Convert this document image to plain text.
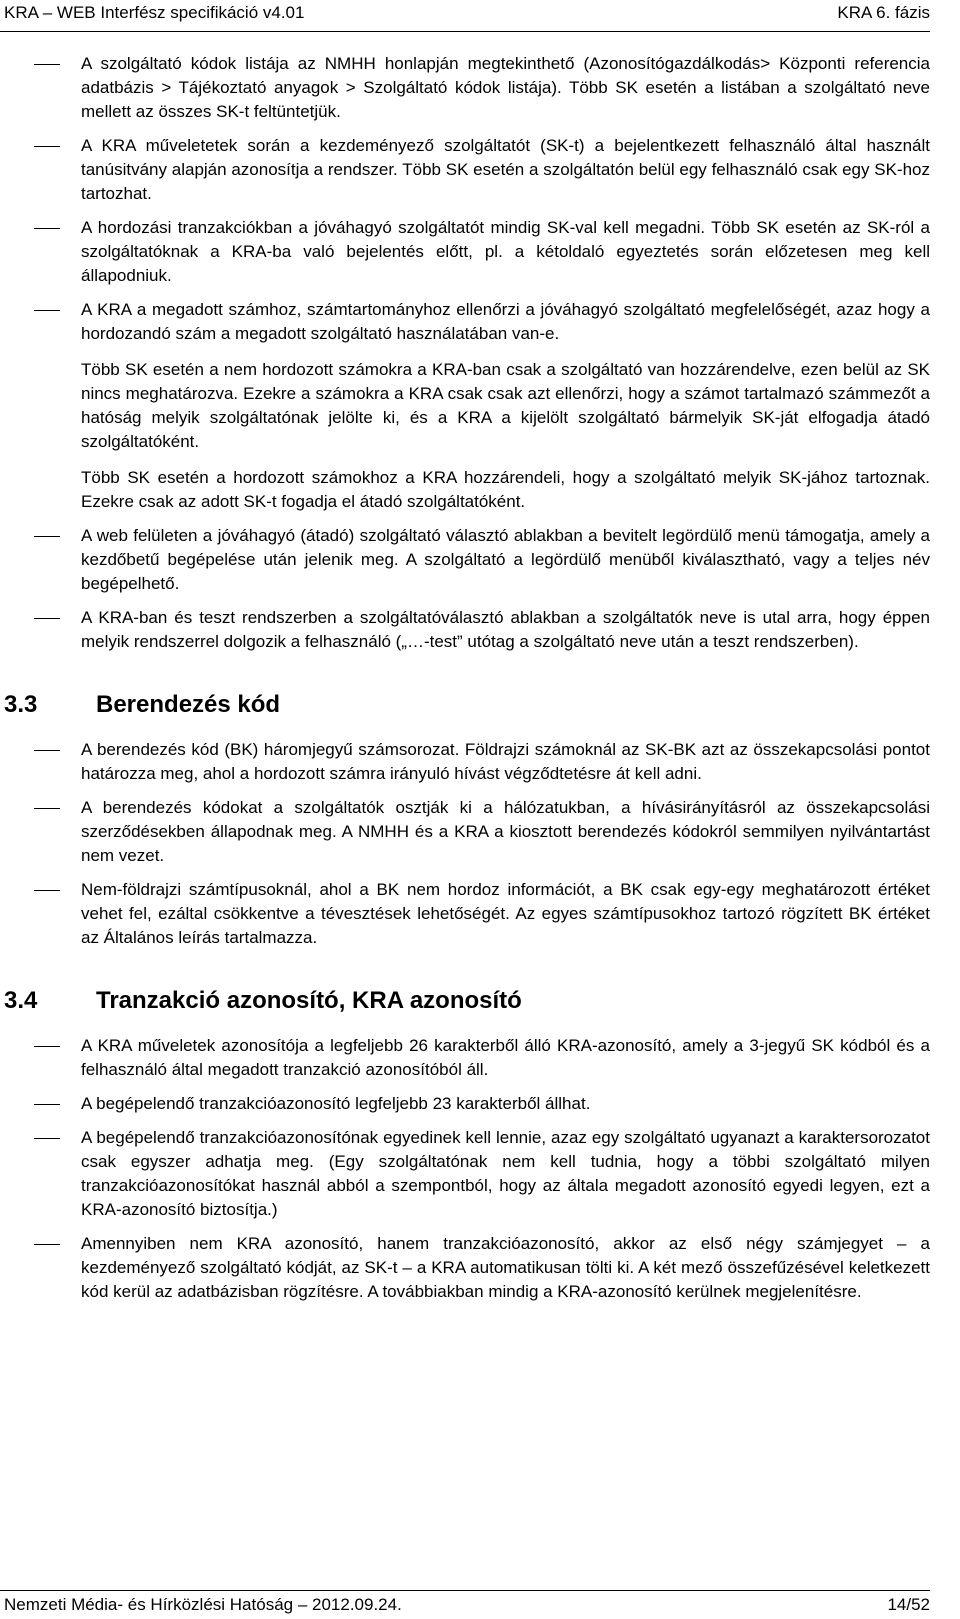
KRA – WEB Interfész specifikáció v4.01	KRA 6. fázis

A szolgáltató kódok listája az NMHH honlapján megtekinthető (Azonosítógazdálkodás> Központi referencia adatbázis > Tájékoztató anyagok > Szolgáltató kódok listája). Több SK esetén a listában a szolgáltató neve mellett az összes SK-t feltüntetjük.

A KRA műveletetek során a kezdeményező szolgáltatót (SK-t) a bejelentkezett felhasználó által használt tanúsitvány alapján azonosítja a rendszer. Több SK esetén a szolgáltatón belül egy felhasználó csak egy SK-hoz tartozhat.

A hordozási tranzakciókban a jóváhagyó szolgáltatót mindig SK-val kell megadni. Több SK esetén az SK-ról a szolgáltatóknak a KRA-ba való bejelentés előtt, pl. a kétoldaló egyeztetés során előzetesen meg kell állapodniuk.

A KRA a megadott számhoz, számtartományhoz ellenőrzi a jóváhagyó szolgáltató megfelelőségét, azaz hogy a hordozandó szám a megadott szolgáltató használatában van-e.

Több SK esetén a nem hordozott számokra a KRA-ban csak a szolgáltató van hozzárendelve, ezen belül az SK nincs meghatározva. Ezekre a számokra a KRA csak csak azt ellenőrzi, hogy a számot tartalmazó számmezőt a hatóság melyik szolgáltatónak jelölte ki, és a KRA a kijelölt szolgáltató bármelyik SK-ját elfogadja átadó szolgáltatóként.

Több SK esetén a hordozott számokhoz a KRA hozzárendeli, hogy a szolgáltató melyik SK-jához tartoznak. Ezekre csak az adott SK-t fogadja el átadó szolgáltatóként.

A web felületen a jóváhagyó (átadó) szolgáltató választó ablakban a bevitelt legördülő menü támogatja, amely a kezdőbetű begépelése után jelenik meg. A szolgáltató a legördülő menüből kiválasztható, vagy a teljes név begépelhető.

A KRA-ban és teszt rendszerben a szolgáltatóválasztó ablakban a szolgáltatók neve is utal arra, hogy éppen melyik rendszerrel dolgozik a felhasználó („…-test” utótag a szolgáltató neve után a teszt rendszerben).

3.3 Berendezés kód

A berendezés kód (BK) háromjegyű számsorozat. Földrajzi számoknál az SK-BK azt az összekapcsolási pontot határozza meg, ahol a hordozott számra irányuló hívást végződtetésre át kell adni.

A berendezés kódokat a szolgáltatók osztják ki a hálózatukban, a hívásirányításról az összekapcsolási szerződésekben állapodnak meg. A NMHH és a KRA a kiosztott berendezés kódokról semmilyen nyilvántartást nem vezet.

Nem-földrajzi számtípusoknál, ahol a BK nem hordoz információt, a BK csak egy-egy meghatározott értéket vehet fel, ezáltal csökkentve a tévesztések lehetőségét. Az egyes számtípusokhoz tartozó rögzített BK értéket az Általános leírás tartalmazza.

3.4 Tranzakció azonosító, KRA azonosító

A KRA műveletek azonosítója a legfeljebb 26 karakterből álló KRA-azonosító, amely a 3-jegyű SK kódból és a felhasználó által megadott tranzakció azonosítóból áll.

A begépelendő tranzakcióazonosító legfeljebb 23 karakterből állhat.

A begépelendő tranzakcióazonosítónak egyedinek kell lennie, azaz egy szolgáltató ugyanazt a karaktersorozatot csak egyszer adhatja meg. (Egy szolgáltatónak nem kell tudnia, hogy a többi szolgáltató milyen tranzakcióazonosítókat használ abból a szempontból, hogy az általa megadott azonosító egyedi legyen, ezt a KRA-azonosító biztosítja.)

Amennyiben nem KRA azonosító, hanem tranzakcióazonosító, akkor az első négy számjegyet – a kezdeményező szolgáltató kódját, az SK-t – a KRA automatikusan tölti ki. A két mező összefűzésével keletkezett kód kerül az adatbázisban rögzítésre. A továbbiakban mindig a KRA-azonosító kerülnek megjelenítésre.

Nemzeti Média- és Hírközlési Hatóság – 2012.09.24.	14/52
